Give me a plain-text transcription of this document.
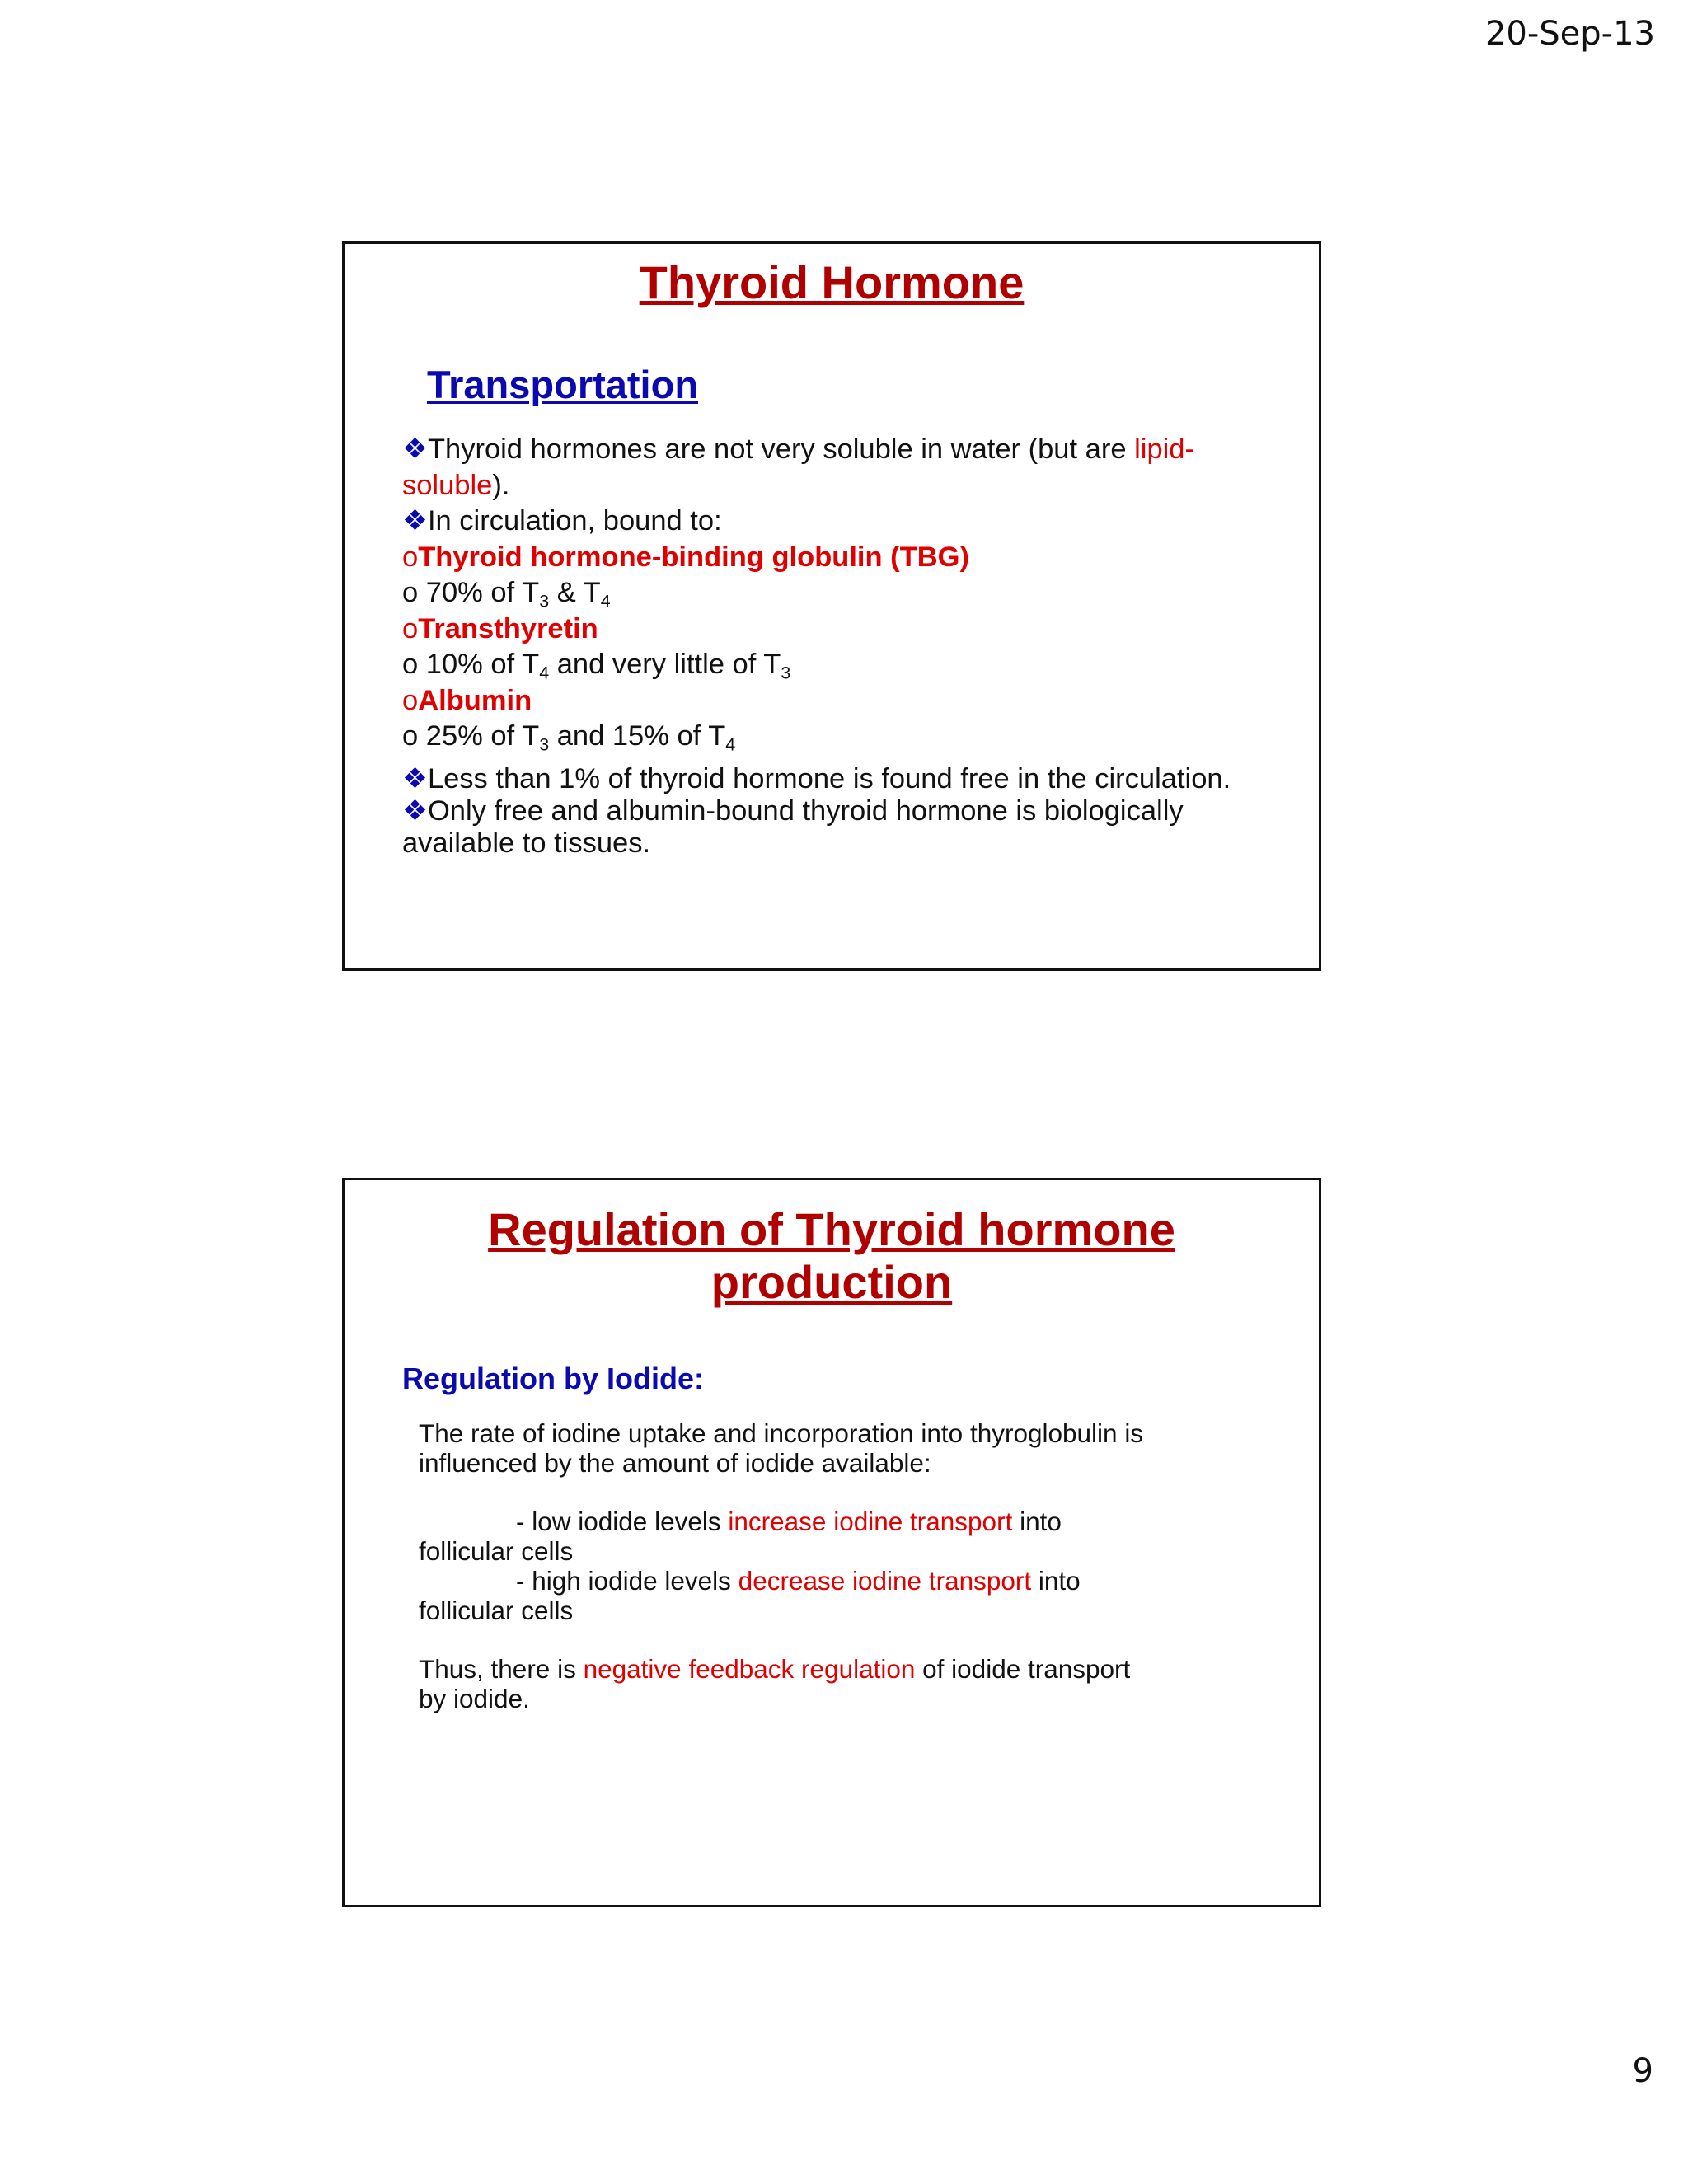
20-Sep-13
Thyroid Hormone
Transportation
❖Thyroid hormones are not very soluble in water (but are lipid-
soluble).
❖In circulation, bound to:
oThyroid hormone-binding globulin (TBG)
o 70% of $T_3$ & $T_4$
oTransthyretin
o 10% of $T_4$ and very little of $T_3$
oAlbumin
o 25% of $T_3$ and 15% of $T_4$
❖Less than 1% of thyroid hormone is found free in the circulation.
❖Only free and albumin-bound thyroid hormone is biologically
available to tissues.
Regulation of Thyroid hormone
production
Regulation by Iodide:
The rate of iodine uptake and incorporation into thyroglobulin is
influenced by the amount of iodide available:
- low iodide levels increase iodine transport into
follicular cells
- high iodide levels decrease iodine transport into
follicular cells
Thus, there is negative feedback regulation of iodide transport
by iodide.
9
